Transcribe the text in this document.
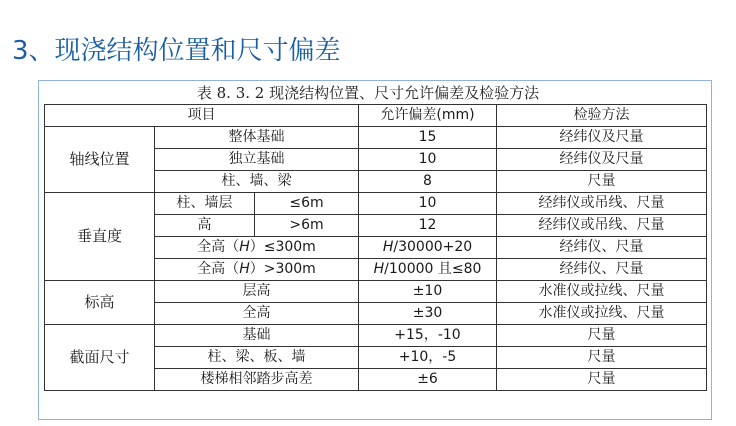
3、现浇结构位置和尺寸偏差
表 8. 3. 2 现浇结构位置、尺寸允许偏差及检验方法
项目			允许偏差(mm)	检验方法
轴线位置	整体基础		15	经纬仪及尺量
	独立基础		10	经纬仪及尺量
	柱、墙、梁		8	尺量
垂直度	柱、墙层	≤6m	10	经纬仪或吊线、尺量
	高	>6m	12	经纬仪或吊线、尺量
	全高（H）≤300m		H/30000+20	经纬仪、尺量
	全高（H）>300m		H/10000 且≤80	经纬仪、尺量
标高	层高		±10	水准仪或拉线、尺量
	全高		±30	水准仪或拉线、尺量
截面尺寸	基础		+15，-10	尺量
	柱、梁、板、墙		+10，-5	尺量
	楼梯相邻踏步高差		±6	尺量
